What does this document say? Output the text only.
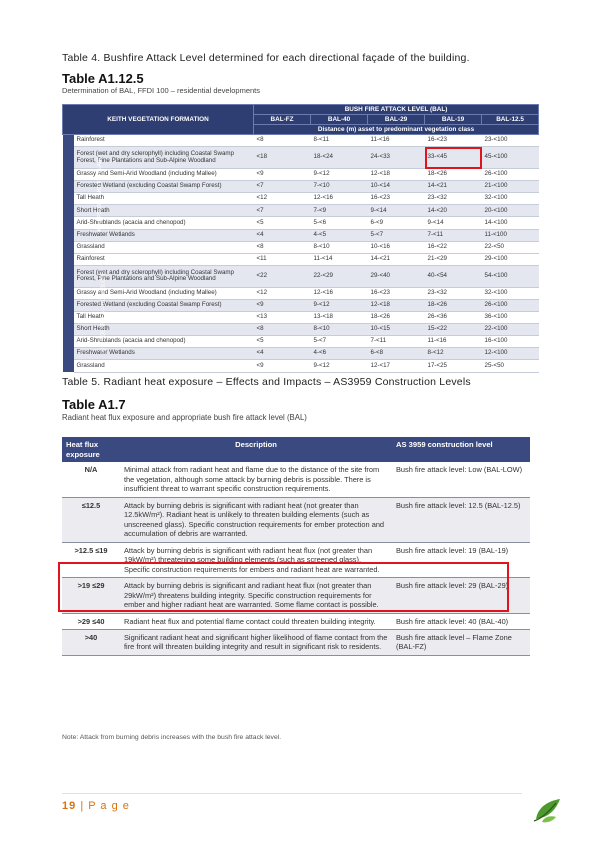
Table 4. Bushfire Attack Level determined for each directional façade of the building.
Table A1.12.5
Determination of BAL, FFDI 100 – residential developments
KEITH VEGETATION FORMATION		BUSH FIRE ATTACK LEVEL (BAL)				
		BAL-FZ	BAL-40	BAL-29	BAL-19	BAL-12.5
		Distance (m) asset to predominant vegetation class				
ALL UPSLOPE AND FLAT LAND	Rainforest	<8	8-<11	11-<16	16-<23	23-<100
	Forest (wet and dry sclerophyll) including Coastal Swamp Forest, Pine Plantations and Sub-Alpine Woodland	<18	18-<24	24-<33	33-<45	45-<100
	Grassy and Semi-Arid Woodland (including Mallee)	<9	9-<12	12-<18	18-<26	26-<100
	Forested Wetland (excluding Coastal Swamp Forest)	<7	7-<10	10-<14	14-<21	21-<100
	Tall Heath	<12	12-<16	16-<23	23-<32	32-<100
	Short Heath	<7	7-<9	9-<14	14-<20	20-<100
	Arid-Shrublands (acacia and chenopod)	<5	5-<6	6-<9	9-<14	14-<100
	Freshwater Wetlands	<4	4-<5	5-<7	7-<11	11-<100
	Grassland	<8	8-<10	10-<16	16-<22	22-<50
>0 to 5 DEGREES – DOWNSLOPE	Rainforest	<11	11-<14	14-<21	21-<29	29-<100
	Forest (wet and dry sclerophyll) including Coastal Swamp Forest, Pine Plantations and Sub-Alpine Woodland	<22	22-<29	29-<40	40-<54	54-<100
	Grassy and Semi-Arid Woodland (including Mallee)	<12	12-<16	16-<23	23-<32	32-<100
	Forested Wetland (excluding Coastal Swamp Forest)	<9	9-<12	12-<18	18-<26	26-<100
	Tall Heath	<13	13-<18	18-<26	26-<36	36-<100
	Short Heath	<8	8-<10	10-<15	15-<22	22-<100
	Arid-Shrublands (acacia and chenopod)	<5	5-<7	7-<11	11-<16	16-<100
	Freshwater Wetlands	<4	4-<6	6-<8	8-<12	12-<100
	Grassland	<9	9-<12	12-<17	17-<25	25-<50
Table 5. Radiant heat exposure – Effects and Impacts – AS3959 Construction Levels
Table A1.7
Radiant heat flux exposure and appropriate bush fire attack level (BAL)
Heat flux exposure	Description	AS 3959 construction level
N/A	Minimal attack from radiant heat and flame due to the distance of the site from the vegetation, although some attack by burning debris is possible. There is insufficient threat to warrant specific construction requirements.	Bush fire attack level: Low (BAL-LOW)
≤12.5	Attack by burning debris is significant with radiant heat (not greater than 12.5kW/m²). Radiant heat is unlikely to threaten building elements (such as unscreened glass). Specific construction requirements for ember protection and accumulation of debris are warranted.	Bush fire attack level: 12.5 (BAL-12.5)
>12.5 ≤19	Attack by burning debris is significant with radiant heat flux (not greater than 19kW/m²) threatening some building elements (such as screened glass). Specific construction requirements for embers and radiant heat are warranted.	Bush fire attack level: 19 (BAL-19)
>19 ≤29	Attack by burning debris is significant and radiant heat flux (not greater than 29kW/m²) threatens building integrity. Specific construction requirements for ember and higher radiant heat are warranted. Some flame contact is possible.	Bush fire attack level: 29 (BAL-29)
>29 ≤40	Radiant heat flux and potential flame contact could threaten building integrity.	Bush fire attack level: 40 (BAL-40)
>40	Significant radiant heat and significant higher likelihood of flame contact from the fire front will threaten building integrity and result in significant risk to residents.	Bush fire attack level – Flame Zone (BAL-FZ)
Note: Attack from burning debris increases with the bush fire attack level.
19 | P a g e
